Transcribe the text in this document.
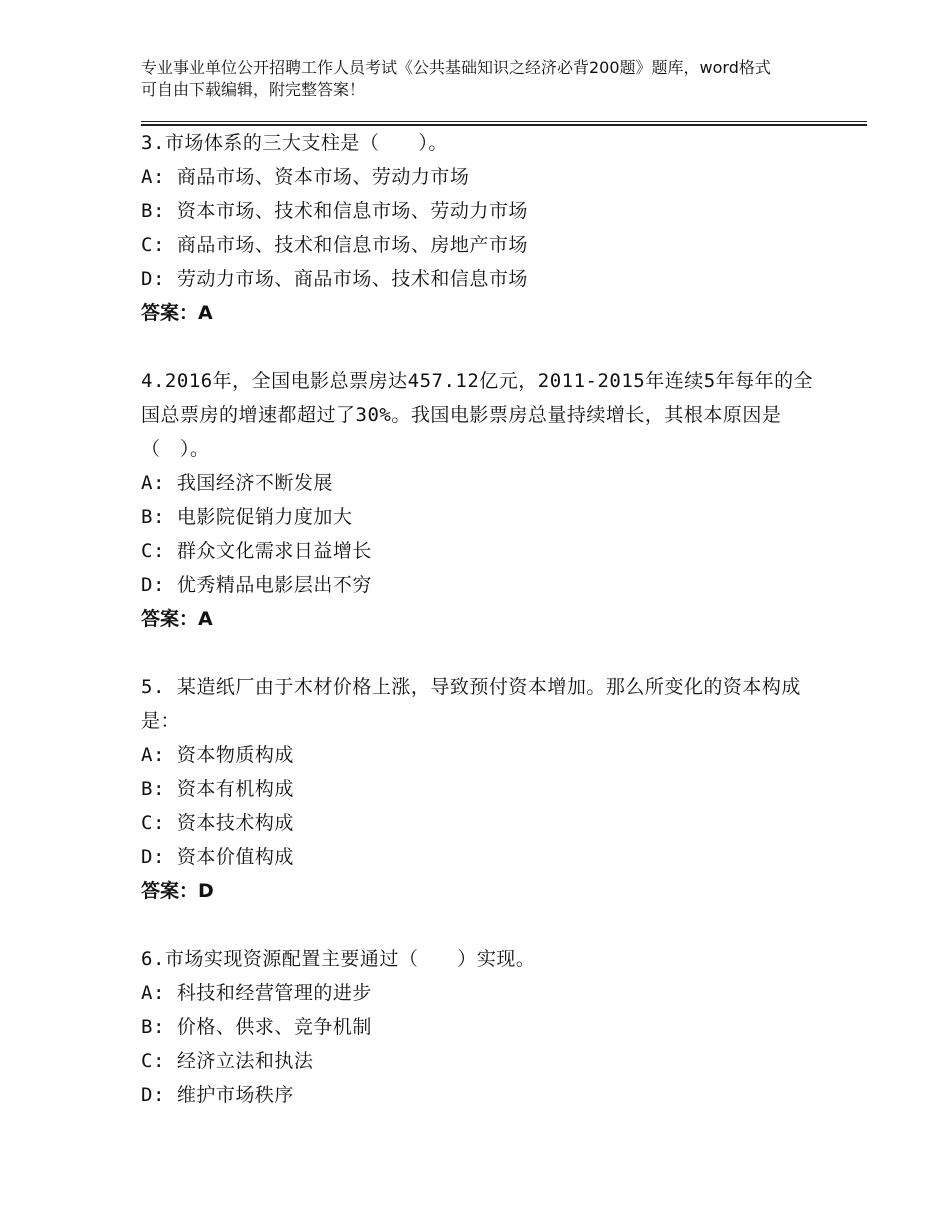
专业事业单位公开招聘工作人员考试《公共基础知识之经济必背200题》题库，word格式可自由下载编辑，附完整答案！
3.市场体系的三大支柱是（　　）。
A: 商品市场、资本市场、劳动力市场
B: 资本市场、技术和信息市场、劳动力市场
C: 商品市场、技术和信息市场、房地产市场
D: 劳动力市场、商品市场、技术和信息市场
答案：A
4.2016年，全国电影总票房达457.12亿元，2011-2015年连续5年每年的全国总票房的增速都超过了30%。我国电影票房总量持续增长，其根本原因是（　）。
A: 我国经济不断发展
B: 电影院促销力度加大
C: 群众文化需求日益增长
D: 优秀精品电影层出不穷
答案：A
5. 某造纸厂由于木材价格上涨，导致预付资本增加。那么所变化的资本构成是：
A: 资本物质构成
B: 资本有机构成
C: 资本技术构成
D: 资本价值构成
答案：D
6.市场实现资源配置主要通过（　　）实现。
A: 科技和经营管理的进步
B: 价格、供求、竞争机制
C: 经济立法和执法
D: 维护市场秩序
